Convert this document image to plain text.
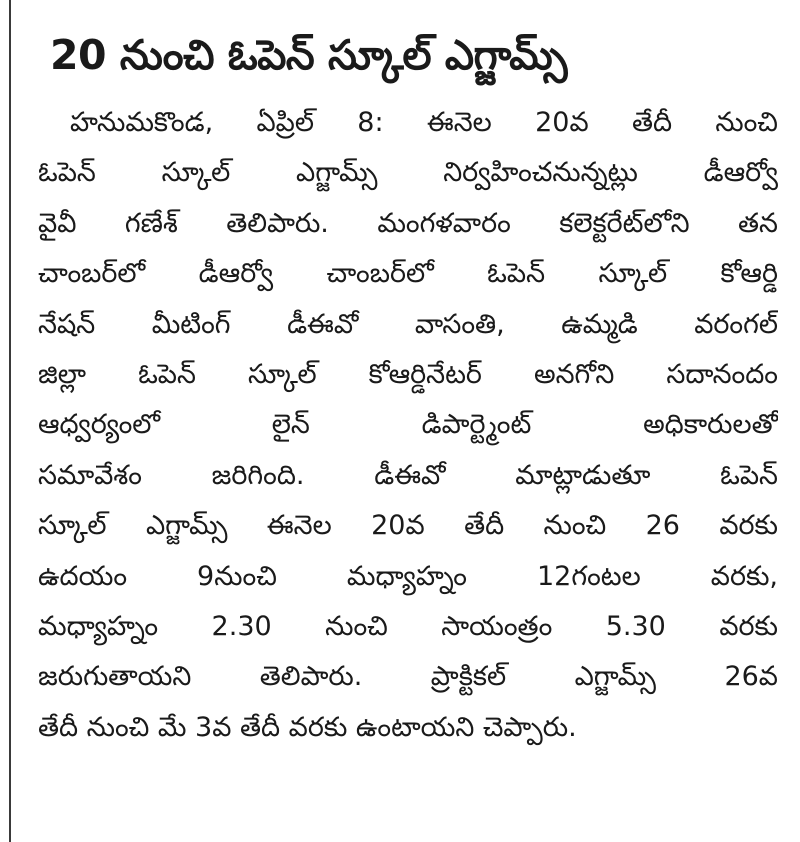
20 నుంచి ఓపెన్ స్కూల్ ఎగ్జామ్స్
హనుమకొండ, ఏప్రిల్ 8: ఈనెల 20వ తేదీ నుంచి
ఓపెన్ స్కూల్ ఎగ్జామ్స్ నిర్వహించనున్నట్లు డీఆర్వో
వైవీ గణేశ్ తెలిపారు. మంగళవారం కలెక్టరేట్‌లోని తన
చాంబర్‌లో డీఆర్వో చాంబర్‌లో ఓపెన్ స్కూల్ కోఆర్డి
నేషన్ మీటింగ్ డీఈవో వాసంతి, ఉమ్మడి వరంగల్
జిల్లా ఓపెన్ స్కూల్ కోఆర్డినేటర్ అనగోని సదానందం
ఆధ్వర్యంలో లైన్ డిపార్ట్మెంట్ అధికారులతో
సమావేశం జరిగింది. డీఈవో మాట్లాడుతూ ఓపెన్
స్కూల్ ఎగ్జామ్స్ ఈనెల 20వ తేదీ నుంచి 26 వరకు
ఉదయం 9నుంచి మధ్యాహ్నం 12గంటల వరకు,
మధ్యాహ్నం 2.30 నుంచి సాయంత్రం 5.30 వరకు
జరుగుతాయని తెలిపారు. ప్రాక్టికల్ ఎగ్జామ్స్ 26వ
తేదీ నుంచి మే 3వ తేదీ వరకు ఉంటాయని చెప్పారు.
